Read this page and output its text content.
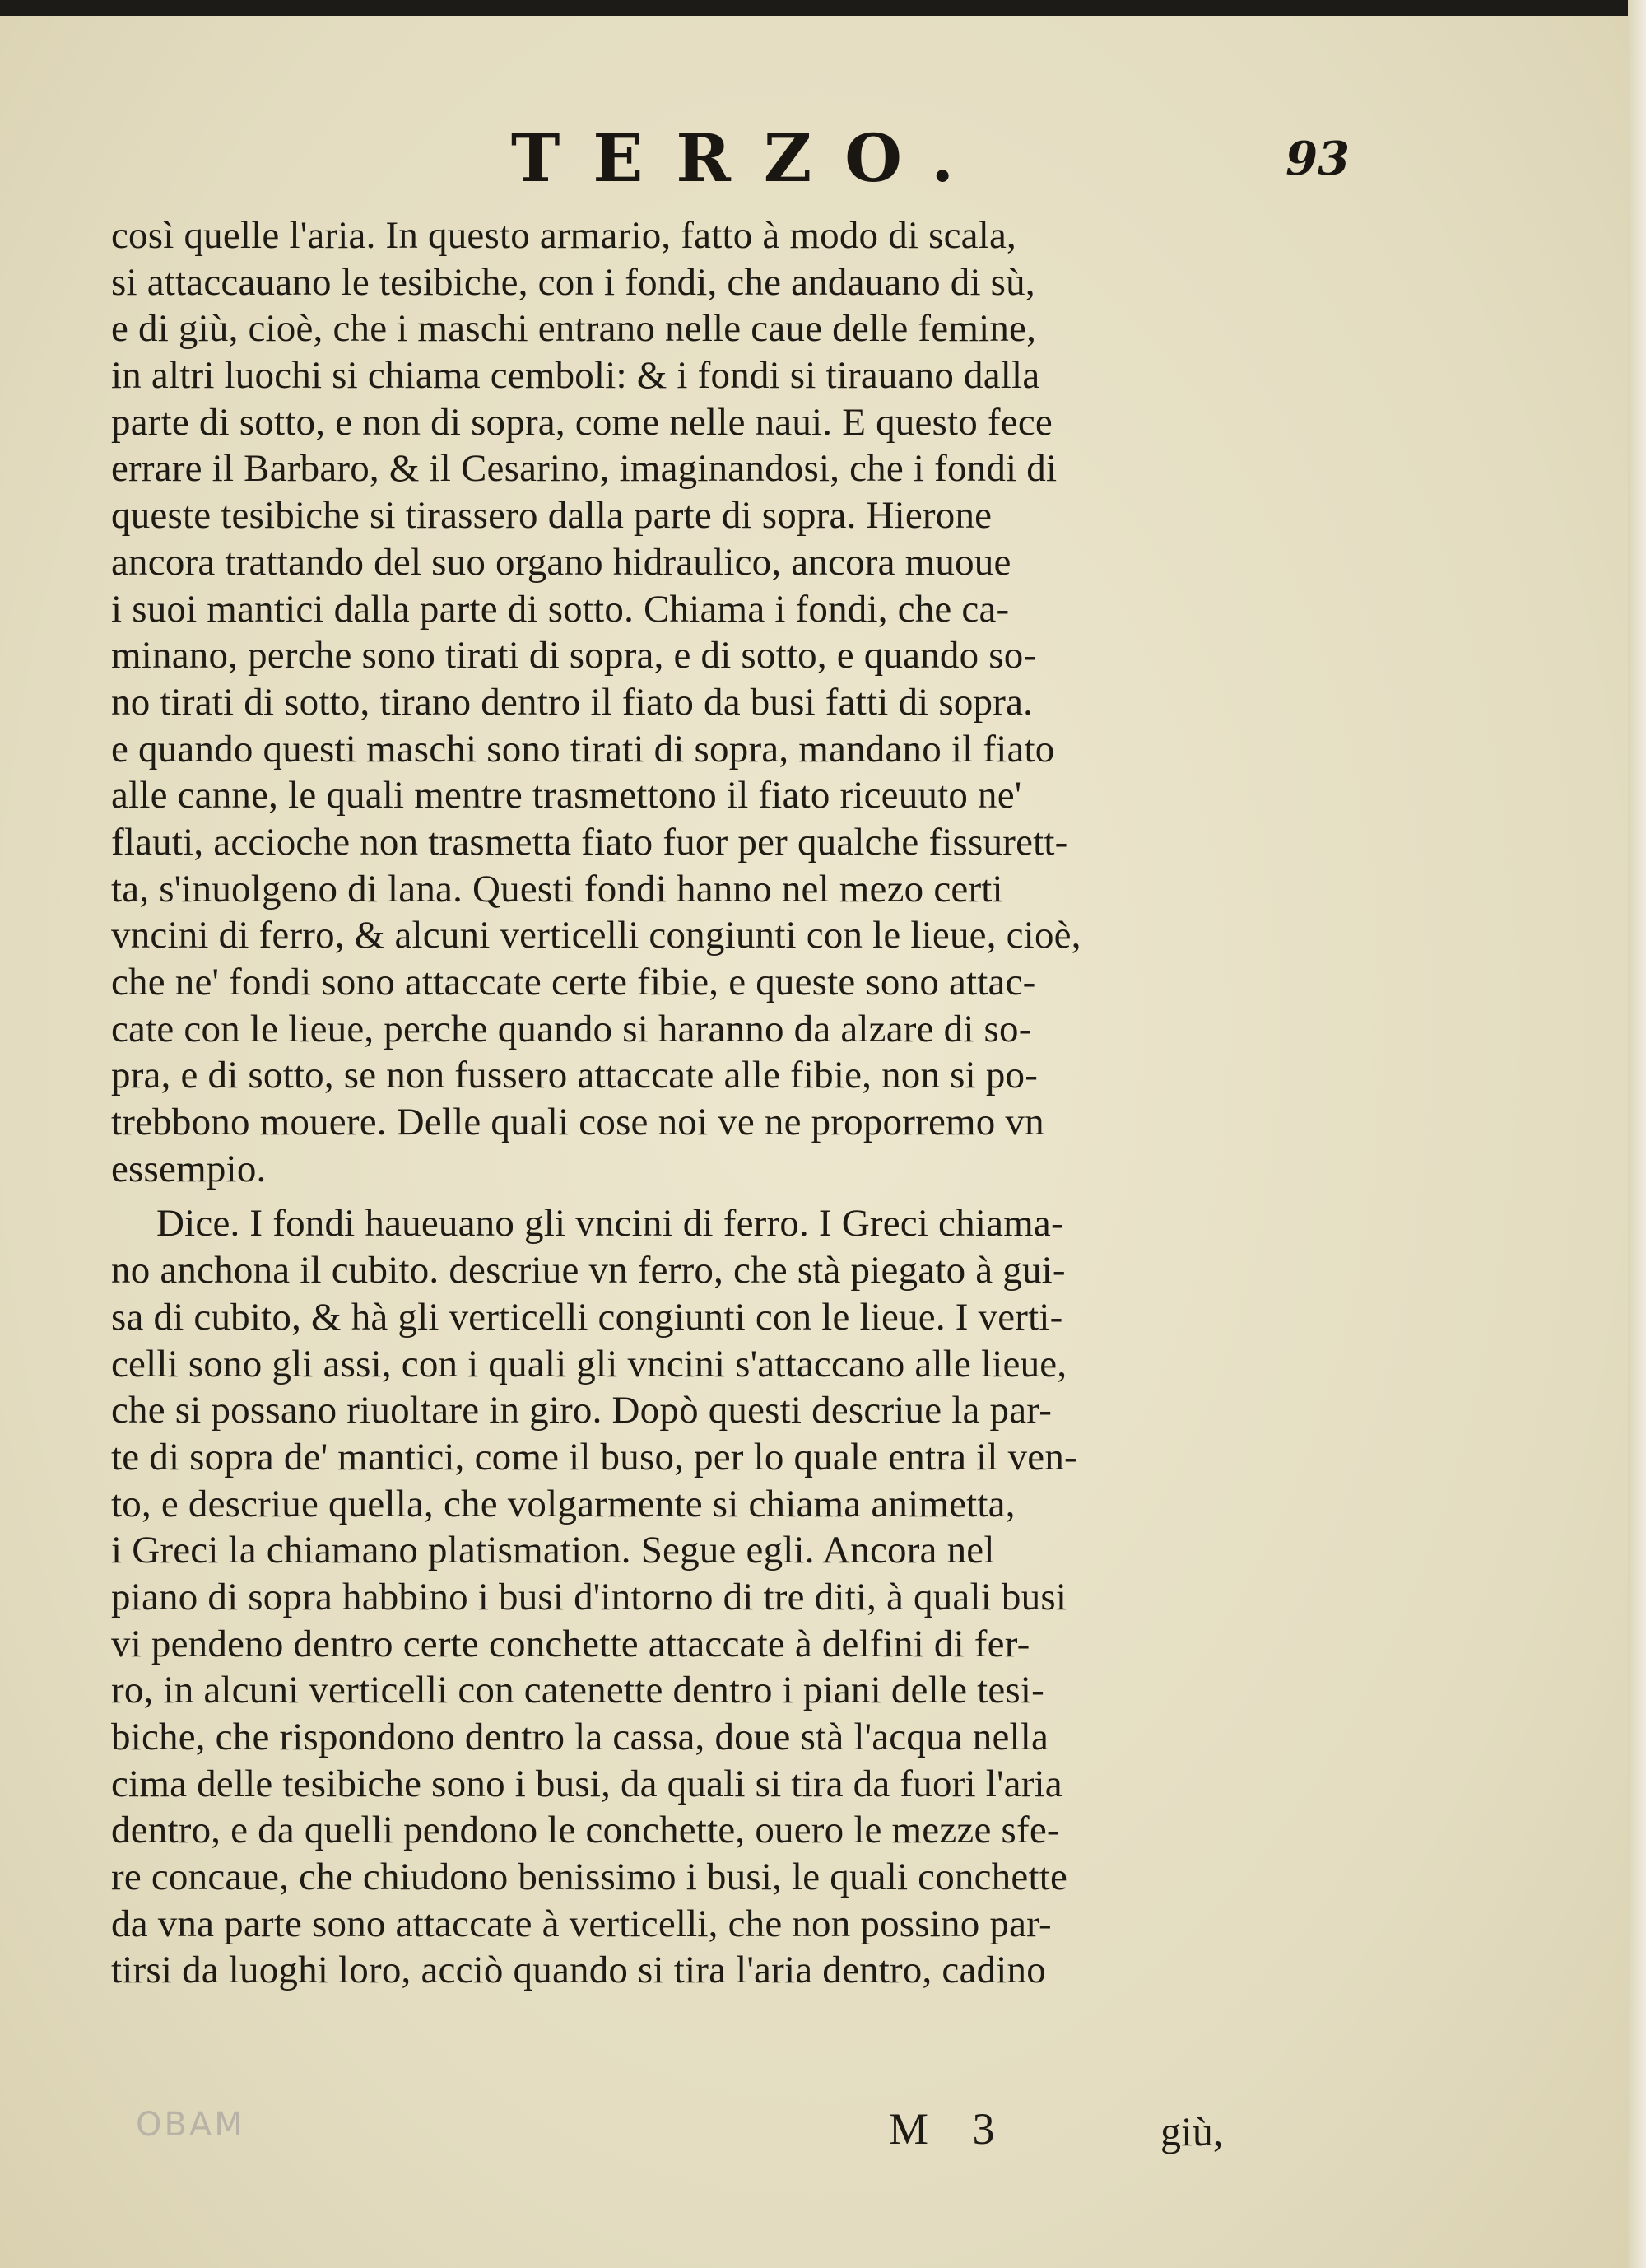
TERZO.	93
così quelle l'aria. In questo armario, fatto à modo di scala,
si attaccauano le tesibiche, con i fondi, che andauano di sù,
e di giù, cioè, che i maschi entrano nelle caue delle femine,
in altri luochi si chiama cemboli: & i fondi si tirauano dalla
parte di sotto, e non di sopra, come nelle naui. E questo fece
errare il Barbaro, & il Cesarino, imaginandosi, che i fondi di
queste tesibiche si tirassero dalla parte di sopra. Hierone
ancora trattando del suo organo hidraulico, ancora muoue
i suoi mantici dalla parte di sotto. Chiama i fondi, che ca-
minano, perche sono tirati di sopra, e di sotto, e quando so-
no tirati di sotto, tirano dentro il fiato da busi fatti di sopra.
e quando questi maschi sono tirati di sopra, mandano il fiato
alle canne, le quali mentre trasmettono il fiato riceuuto ne'
flauti, accioche non trasmetta fiato fuor per qualche fissurett-
ta, s'inuolgeno di lana. Questi fondi hanno nel mezo certi
vncini di ferro, & alcuni verticelli congiunti con le lieue, cioè,
che ne' fondi sono attaccate certe fibie, e queste sono attac-
cate con le lieue, perche quando si haranno da alzare di so-
pra, e di sotto, se non fussero attaccate alle fibie, non si po-
trebbono mouere. Delle quali cose noi ve ne proporremo vn
essempio.
Dice. I fondi haueuano gli vncini di ferro. I Greci chiama-
no anchona il cubito. descriue vn ferro, che stà piegato à gui-
sa di cubito, & hà gli verticelli congiunti con le lieue. I verti-
celli sono gli assi, con i quali gli vncini s'attaccano alle lieue,
che si possano riuoltare in giro. Dopò questi descriue la par-
te di sopra de' mantici, come il buso, per lo quale entra il ven-
to, e descriue quella, che volgarmente si chiama animetta,
i Greci la chiamano platismation. Segue egli. Ancora nel
piano di sopra habbino i busi d'intorno di tre diti, à quali busi
vi pendeno dentro certe conchette attaccate à delfini di fer-
ro, in alcuni verticelli con catenette dentro i piani delle tesi-
biche, che rispondono dentro la cassa, doue stà l'acqua nella
cima delle tesibiche sono i busi, da quali si tira da fuori l'aria
dentro, e da quelli pendono le conchette, ouero le mezze sfe-
re concaue, che chiudono benissimo i busi, le quali conchette
da vna parte sono attaccate à verticelli, che non possino par-
tirsi da luoghi loro, acciò quando si tira l'aria dentro, cadino
OBAM	M 3	giù,
